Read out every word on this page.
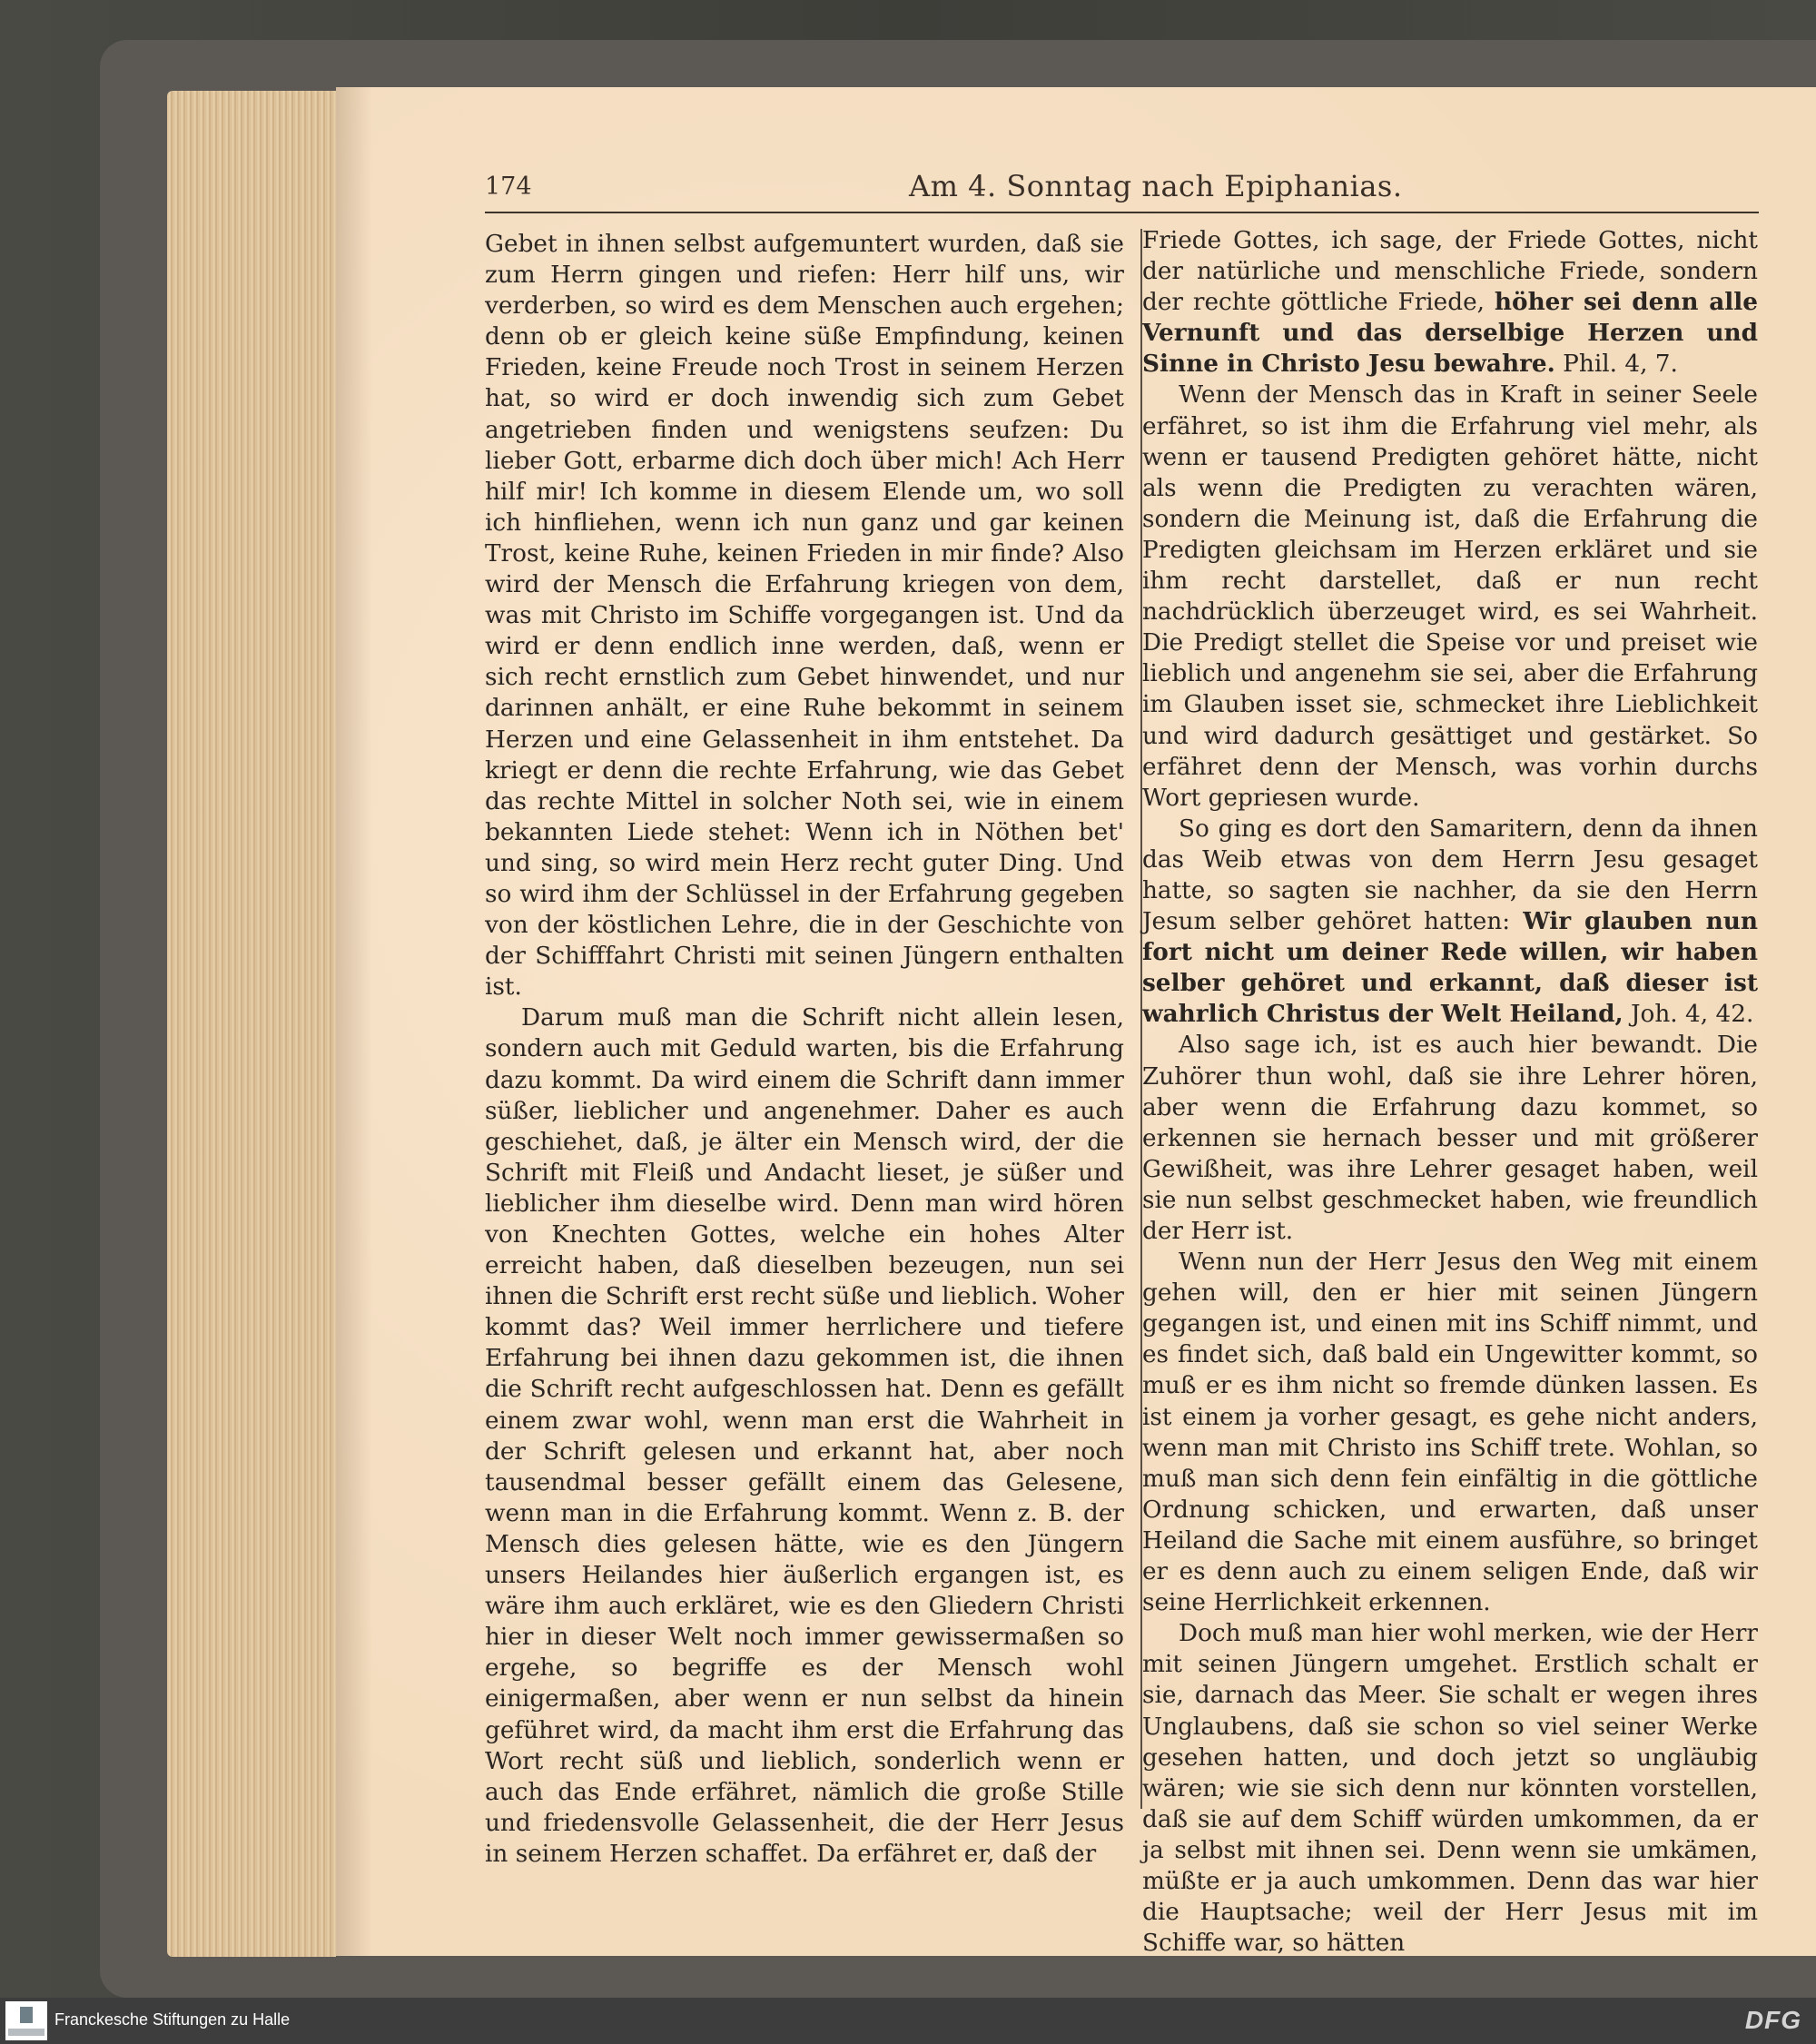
174	Am 4. Sonntag nach Epiphanias.

Gebet in ihnen selbst aufgemuntert wurden, daß sie zum Herrn gingen und riefen: Herr hilf uns, wir verderben, so wird es dem Menschen auch ergehen; denn ob er gleich keine süße Empfindung, keinen Frieden, keine Freude noch Trost in seinem Herzen hat, so wird er doch inwendig sich zum Gebet angetrieben finden und wenigstens seufzen: Du lieber Gott, erbarme dich doch über mich! Ach Herr hilf mir! Ich komme in diesem Elende um, wo soll ich hinfliehen, wenn ich nun ganz und gar keinen Trost, keine Ruhe, keinen Frieden in mir finde? Also wird der Mensch die Erfahrung kriegen von dem, was mit Christo im Schiffe vorgegangen ist. Und da wird er denn endlich inne werden, daß, wenn er sich recht ernstlich zum Gebet hinwendet, und nur darinnen anhält, er eine Ruhe bekommt in seinem Herzen und eine Gelassenheit in ihm entstehet. Da kriegt er denn die rechte Erfahrung, wie das Gebet das rechte Mittel in solcher Noth sei, wie in einem bekannten Liede stehet: Wenn ich in Nöthen bet' und sing, so wird mein Herz recht guter Ding. Und so wird ihm der Schlüssel in der Erfahrung gegeben von der köstlichen Lehre, die in der Geschichte von der Schifffahrt Christi mit seinen Jüngern enthalten ist.

Darum muß man die Schrift nicht allein lesen, sondern auch mit Geduld warten, bis die Erfahrung dazu kommt. Da wird einem die Schrift dann immer süßer, lieblicher und angenehmer. Daher es auch geschiehet, daß, je älter ein Mensch wird, der die Schrift mit Fleiß und Andacht lieset, je süßer und lieblicher ihm dieselbe wird. Denn man wird hören von Knechten Gottes, welche ein hohes Alter erreicht haben, daß dieselben bezeugen, nun sei ihnen die Schrift erst recht süße und lieblich. Woher kommt das? Weil immer herrlichere und tiefere Erfahrung bei ihnen dazu gekommen ist, die ihnen die Schrift recht aufgeschlossen hat. Denn es gefällt einem zwar wohl, wenn man erst die Wahrheit in der Schrift gelesen und erkannt hat, aber noch tausendmal besser gefällt einem das Gelesene, wenn man in die Erfahrung kommt. Wenn z. B. der Mensch dies gelesen hätte, wie es den Jüngern unsers Heilandes hier äußerlich ergangen ist, es wäre ihm auch erkläret, wie es den Gliedern Christi hier in dieser Welt noch immer gewissermaßen so ergehe, so begriffe es der Mensch wohl einigermaßen, aber wenn er nun selbst da hinein geführet wird, da macht ihm erst die Erfahrung das Wort recht süß und lieblich, sonderlich wenn er auch das Ende erfähret, nämlich die große Stille und friedensvolle Gelassenheit, die der Herr Jesus in seinem Herzen schaffet. Da erfähret er, daß der

Friede Gottes, ich sage, der Friede Gottes, nicht der natürliche und menschliche Friede, sondern der rechte göttliche Friede, höher sei denn alle Vernunft und das derselbige Herzen und Sinne in Christo Jesu bewahre. Phil. 4, 7.

Wenn der Mensch das in Kraft in seiner Seele erfähret, so ist ihm die Erfahrung viel mehr, als wenn er tausend Predigten gehöret hätte, nicht als wenn die Predigten zu verachten wären, sondern die Meinung ist, daß die Erfahrung die Predigten gleichsam im Herzen erkläret und sie ihm recht darstellet, daß er nun recht nachdrücklich überzeuget wird, es sei Wahrheit. Die Predigt stellet die Speise vor und preiset wie lieblich und angenehm sie sei, aber die Erfahrung im Glauben isset sie, schmecket ihre Lieblichkeit und wird dadurch gesättiget und gestärket. So erfähret denn der Mensch, was vorhin durchs Wort gepriesen wurde.

So ging es dort den Samaritern, denn da ihnen das Weib etwas von dem Herrn Jesu gesaget hatte, so sagten sie nachher, da sie den Herrn Jesum selber gehöret hatten: Wir glauben nun fort nicht um deiner Rede willen, wir haben selber gehöret und erkannt, daß dieser ist wahrlich Christus der Welt Heiland, Joh. 4, 42.

Also sage ich, ist es auch hier bewandt. Die Zuhörer thun wohl, daß sie ihre Lehrer hören, aber wenn die Erfahrung dazu kommet, so erkennen sie hernach besser und mit größerer Gewißheit, was ihre Lehrer gesaget haben, weil sie nun selbst geschmecket haben, wie freundlich der Herr ist.

Wenn nun der Herr Jesus den Weg mit einem gehen will, den er hier mit seinen Jüngern gegangen ist, und einen mit ins Schiff nimmt, und es findet sich, daß bald ein Ungewitter kommt, so muß er es ihm nicht so fremde dünken lassen. Es ist einem ja vorher gesagt, es gehe nicht anders, wenn man mit Christo ins Schiff trete. Wohlan, so muß man sich denn fein einfältig in die göttliche Ordnung schicken, und erwarten, daß unser Heiland die Sache mit einem ausführe, so bringet er es denn auch zu einem seligen Ende, daß wir seine Herrlichkeit erkennen.

Doch muß man hier wohl merken, wie der Herr mit seinen Jüngern umgehet. Erstlich schalt er sie, darnach das Meer. Sie schalt er wegen ihres Unglaubens, daß sie schon so viel seiner Werke gesehen hatten, und doch jetzt so ungläubig wären; wie sie sich denn nur könnten vorstellen, daß sie auf dem Schiff würden umkommen, da er ja selbst mit ihnen sei. Denn wenn sie umkämen, müßte er ja auch umkommen. Denn das war hier die Hauptsache; weil der Herr Jesus mit im Schiffe war, so hätten

Franckesche Stiftungen zu Halle	DFG
